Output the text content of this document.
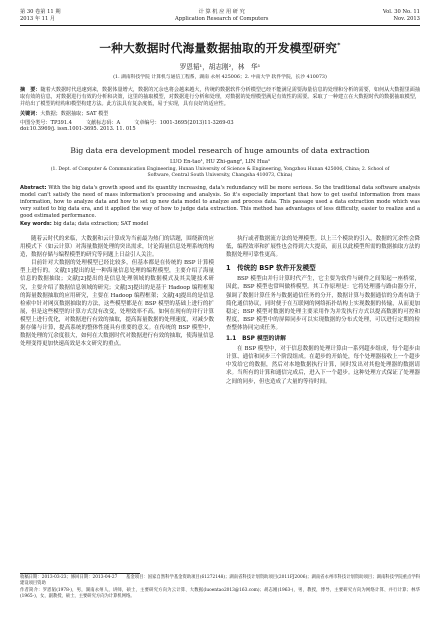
第 30 卷第 11 期
2013 年 11 月
计 算 机 应 用 研 究
Application Research of Computers
Vol. 30 No. 11
Nov. 2013
一种大数据时代海量数据抽取的开发模型研究*
罗恩韬¹，胡志刚²，林　华¹
(1. 湖南科技学院 计算机与通信工程系，湖南 永州 425006；2. 中南大学 软件学院，长沙 410073)
摘　要：随着大数据时代迅速到来，数据体量增大，数据的冗余也将会越来越大，传统的数据软件分析模型已经不能满足需要海量信息的处理和分析的需要，如何从大数据里面抽取有效的信息，对数据进行有效的分析和决策，这里的抽取模型，对数据进行分析和处理，对数据的处理模型满足有效性的需要。采取了一种建立在大数据时代的数据抽取模型，并给出了模型的结构和模型构建方法。此方法具有复杂度低，易于实现，具有良好的适应性。
关键词：大数据；数据抽取；SAT 模型
中图分类号：TP391.4	文献标志码：A	文章编号：1001-3695(2013)11-3269-03
doi:10.3969/j. issn.1001-3695. 2013. 11. 015
Big data era development model research of huge amounts of data extraction
LUO En-tao¹, HU Zhi-gang², LIN Hua¹
(1. Dept. of Computer & Communication Engineering, Hunan University of Science & Engineering, Yongzhou Hunan 425006, China; 2. School of Software, Central South University, Changsha 410073, China)
Abstract: With the big data's growth speed and its quantity increasing, data's redundancy will be more serious. So the traditional data software analysis model can't satisfy the need of mass information's processing and analysis. So it's especially important that how to get useful information from mass information, how to analyze data and how to set up new data model to analyze and process data. This passage used a data extraction mode which was very suited to big data era, and it applied the way of how to judge data extraction. This method has advantages of less difficulty, easier to realize and a good estimated performance.
Key words: big data; data extraction; SAT model

随着云时代的来临，大数据和云计算成为当前最为热门的话题，围绕新的应用模式下（如云计算）对海量数据处理的突出需求，讨论海量信息处理系统的构造，数据存储与编程模型的研究等问题上日益引人关注。

目前针对大数据的处理模型已经比较多，但基本都是在传统的 BSP 计算模型上进行的。文献[1]提出的是一种海量信息处理的编程模型，主要介绍了海量信息的数据抽取；文献[2]提出的是信息处理领域的数据模式及其关键技术研究，主要介绍了数据信息领域的研究；文献[3]提出的是基于 Hadoop 编程框架的海量数据抽取的应用研究，主要在 Hadoop 编程框架；文献[4]提出的是信息检索中针对网页数据抽取的方法，这些模型都是在 BSP 模型的基础上进行的扩展，但是这些模型的计算方式没有改变，处理效率不高。如何在现有的并行计算模型上进行优化，对数据进行有效的抽取，提高海量数据的处理速度，对减少数据存储与计算，提高系统的整体性能具有重要的意义。在传统的 BSP 模型中，数据处理的冗余度很大，如何在大数据时代对数据进行有效的抽取，使海量信息处理变得更加快速高效是本文研究的重点。

执行或者数据流方法的处理模型。以上三个模块的引入，数据的冗余性会降低，编程效率和扩展性也会得到大大提高，而且以此模型所需的数据抽取方法的数据处理可靠性更高。

1　传统的 BSP 软件开发模型

BSP 模型由并行计算时代产生，它主要为软件与硬件之间架起一座桥梁，因此，BSP 模型也常叫做桥模型。其工作原理是：它将处理器与路由器分开，强调了数据计算任务与数据通信任务的分开，数据计算与数据通信的分离有助于简化通信协议，同时便于在互联网的网络拓扑结构上实现数据的传输，从而更加稳定；BSP 模型对数据的处理主要采用作为并发执行方式以提高数据的可控和程度，BSP 模型中的屏障同步可以实现数据的分布式处理，可以进行定期的检查整体协同完成任务。

1.1　BSP 模型的讲解

在 BSP 模型中，对于信息数据的处理计算由一系列超步组成，每个超步由计算、通信和同步三个阶段组成。在超步的开始处，每个处理器接收上一个超步中发给它的数据，然后对本地数据执行计算，同时发出对其他处理器的数据请求。当所有的计算和通信完成后，进入下一个超步。这种处理方式保证了处理器之间的同步，但也造成了大量的等待时间。

收稿日期：2013-03-23；修回日期：2013-04-27　　基金项目：国家自然科学基金资助项目(61272148)；湖南省科技计划资助项目(2011FJ2006)；湖南省永州市科技计划资助项目；湖南科技学院重点学科建设项目资助
作者简介：罗恩韬(1978-)，男，湖南永州人，讲师，硕士，主要研究方向为云计算、大数据(luoentao2013@163.com)；胡志刚(1963-)，男，教授，博导，主要研究方向为网络计算、并行计算；林华(1965-)，女，副教授，硕士，主要研究方向为计算机网络。
